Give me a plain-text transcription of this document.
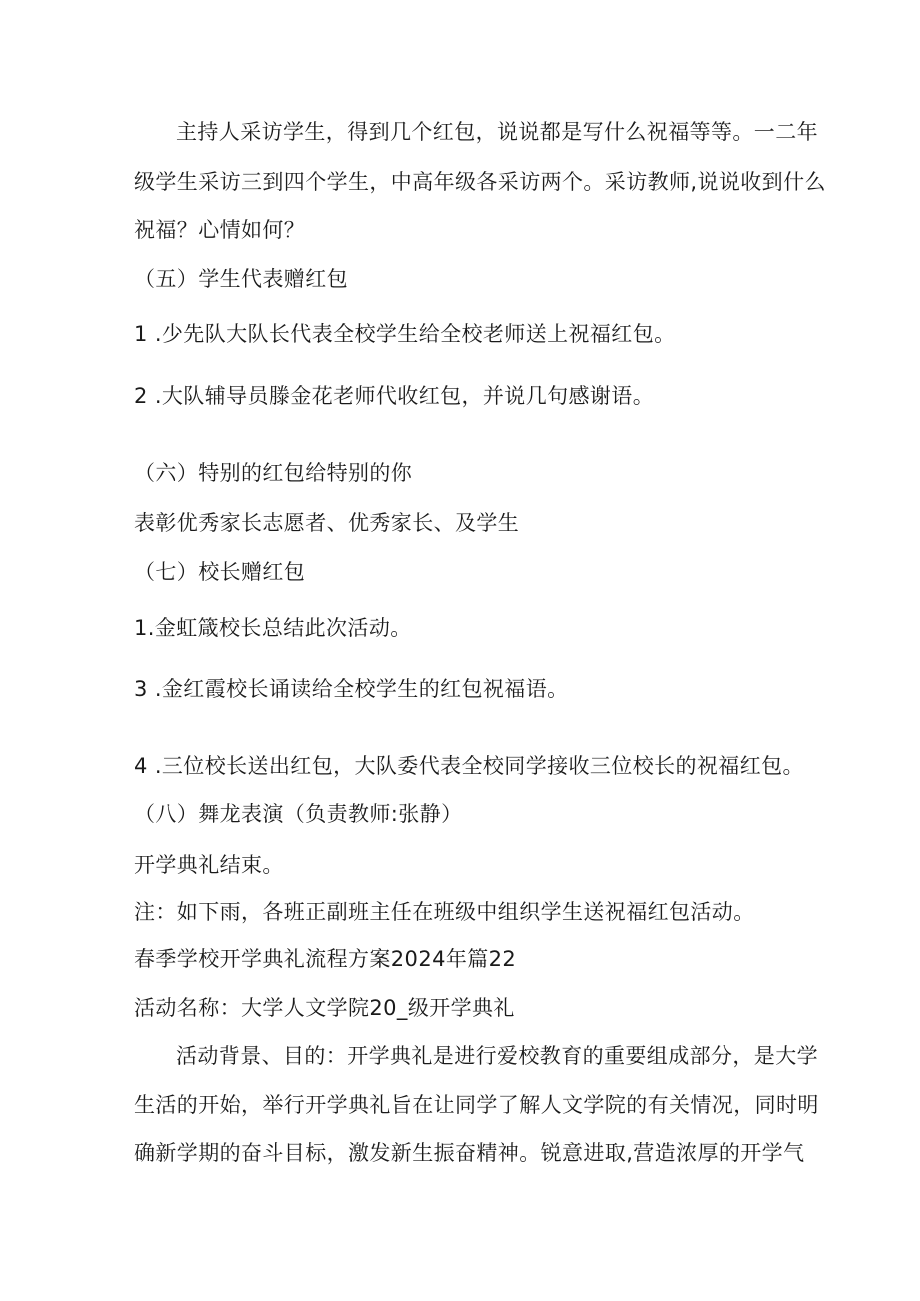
主持人采访学生，得到几个红包，说说都是写什么祝福等等。一二年
级学生采访三到四个学生，中高年级各采访两个。采访教师,说说收到什么
祝福？心情如何？
（五）学生代表赠红包
1 .少先队大队长代表全校学生给全校老师送上祝福红包。
2 .大队辅导员滕金花老师代收红包，并说几句感谢语。
（六）特别的红包给特别的你
表彰优秀家长志愿者、优秀家长、及学生
（七）校长赠红包
1.金虹箴校长总结此次活动。
3 .金红霞校长诵读给全校学生的红包祝福语。
4 .三位校长送出红包，大队委代表全校同学接收三位校长的祝福红包。
（八）舞龙表演（负责教师:张静）
开学典礼结束。
注：如下雨，各班正副班主任在班级中组织学生送祝福红包活动。
春季学校开学典礼流程方案2024年篇22
活动名称：大学人文学院20_级开学典礼
活动背景、目的：开学典礼是进行爱校教育的重要组成部分，是大学
生活的开始，举行开学典礼旨在让同学了解人文学院的有关情况，同时明
确新学期的奋斗目标，激发新生振奋精神。锐意进取,营造浓厚的开学气
